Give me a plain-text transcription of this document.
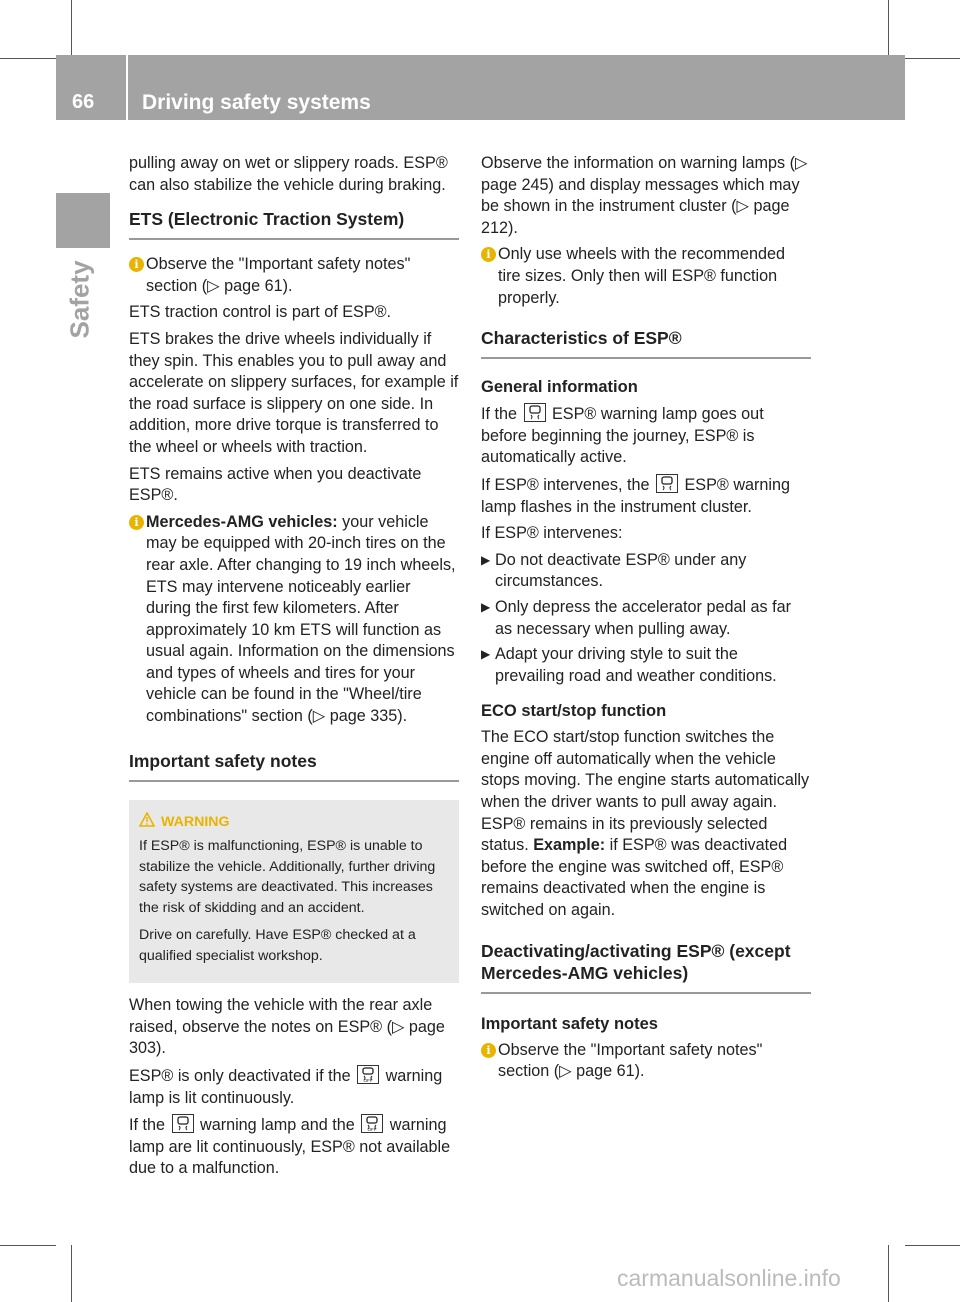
66 Driving safety systems
Safety

pulling away on wet or slippery roads. ESP® can also stabilize the vehicle during braking.

ETS (Electronic Traction System)
i Observe the "Important safety notes" section (▷ page 61).

ETS traction control is part of ESP®.

ETS brakes the drive wheels individually if they spin. This enables you to pull away and accelerate on slippery surfaces, for example if the road surface is slippery on one side. In addition, more drive torque is transferred to the wheel or wheels with traction.

ETS remains active when you deactivate ESP®.

i Mercedes-AMG vehicles: your vehicle may be equipped with 20-inch tires on the rear axle. After changing to 19 inch wheels, ETS may intervene noticeably earlier during the first few kilometers. After approximately 10 km ETS will function as usual again. Information on the dimensions and types of wheels and tires for your vehicle can be found in the "Wheel/tire combinations" section (▷ page 335).
Important safety notes
WARNING

If ESP® is malfunctioning, ESP® is unable to stabilize the vehicle. Additionally, further driving safety systems are deactivated. This increases the risk of skidding and an accident.

Drive on carefully. Have ESP® checked at a qualified specialist workshop.

When towing the vehicle with the rear axle raised, observe the notes on ESP® (▷ page 303).

ESP® is only deactivated if the	OFF warning lamp is lit continuously.

If the warning lamp and the	OFF warning lamp are lit continuously, ESP® not available due to a malfunction.

Observe the information on warning lamps (▷ page 245) and display messages which may be shown in the instrument cluster (▷ page 212).

i Only use wheels with the recommended tire sizes. Only then will ESP® function properly.
Characteristics of ESP®
General information

If the ESP® warning lamp goes out before beginning the journey, ESP® is automatically active.

If ESP® intervenes, the ESP® warning lamp flashes in the instrument cluster.

If ESP® intervenes:

▶ Do not deactivate ESP® under any circumstances.
▶ Only depress the accelerator pedal as far as necessary when pulling away.
▶ Adapt your driving style to suit the prevailing road and weather conditions.
ECO start/stop function

The ECO start/stop function switches the engine off automatically when the vehicle stops moving. The engine starts automatically when the driver wants to pull away again. ESP® remains in its previously selected status. Example: if ESP® was deactivated before the engine was switched off, ESP® remains deactivated when the engine is switched on again.

Deactivating/activating ESP® (except Mercedes-AMG vehicles)
Important safety notes
i Observe the "Important safety notes" section (▷ page 61).
carmanualsonline.info
